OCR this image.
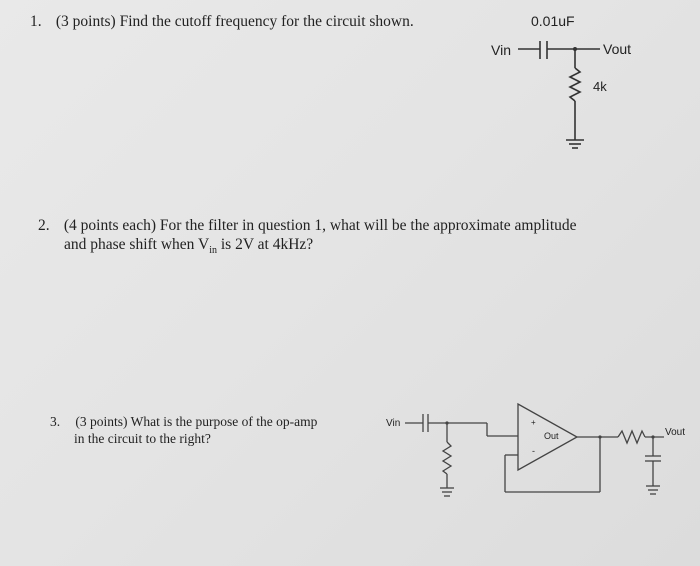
1. (3 points) Find the cutoff frequency for the circuit shown.	0.01uF
Vin	Vout
4k
2. (4 points each) For the filter in question 1, what will be the approximate amplitude
and phase shift when $V_{in}$ is 2V at 4kHz?
3. (3 points) What is the purpose of the op-amp
in the circuit to the right?
Vin
Out	Vout
+
-
